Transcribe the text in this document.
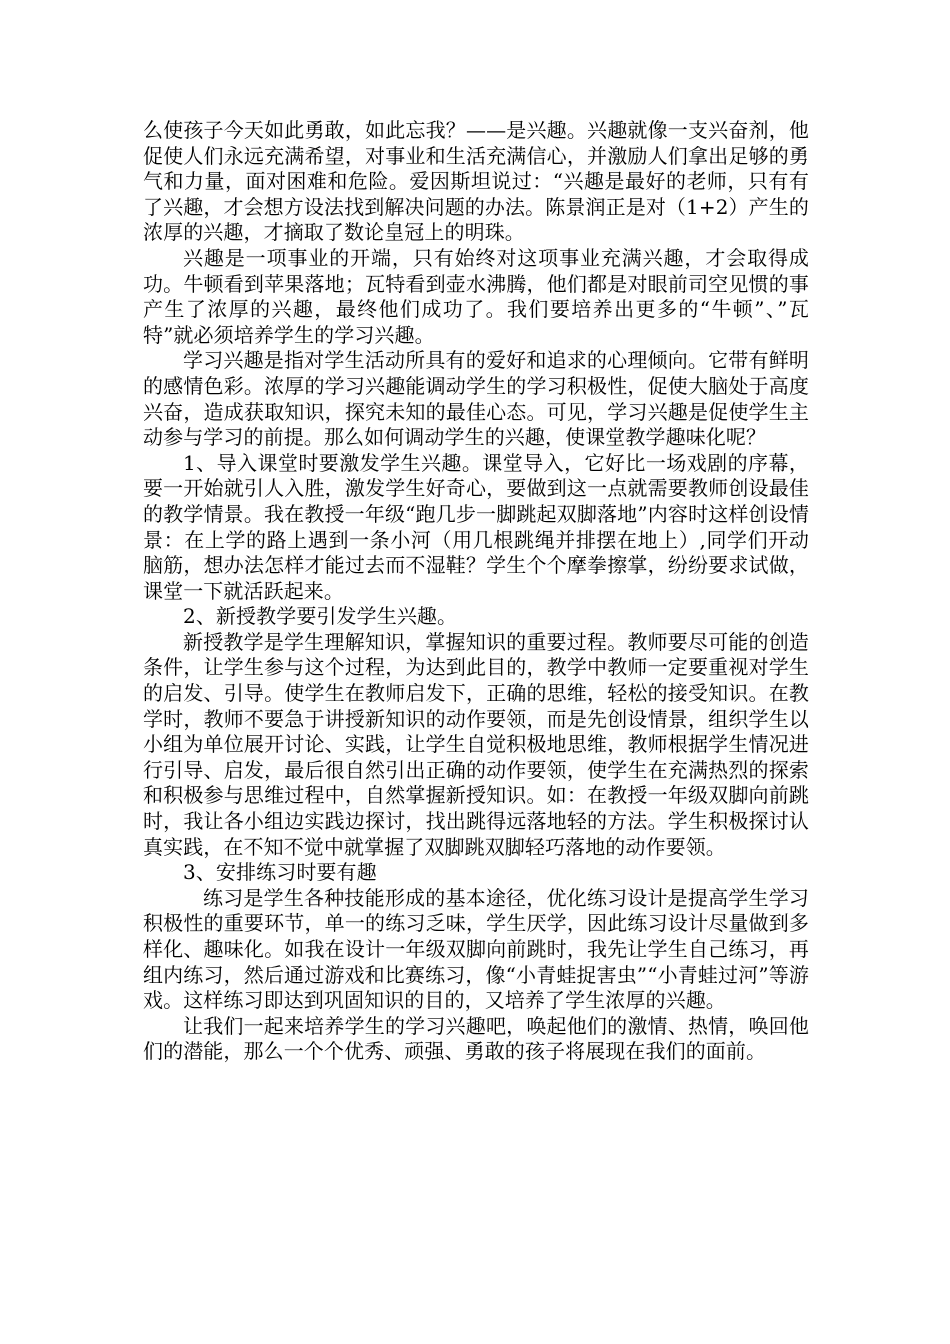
么使孩子今天如此勇敢，如此忘我？——是兴趣。兴趣就像一支兴奋剂，他促使人们永远充满希望，对事业和生活充满信心，并激励人们拿出足够的勇气和力量，面对困难和危险。爱因斯坦说过：“兴趣是最好的老师，只有有了兴趣，才会想方设法找到解决问题的办法。陈景润正是对（1+2）产生的浓厚的兴趣，才摘取了数论皇冠上的明珠。

兴趣是一项事业的开端，只有始终对这项事业充满兴趣，才会取得成功。牛顿看到苹果落地；瓦特看到壶水沸腾，他们都是对眼前司空见惯的事产生了浓厚的兴趣，最终他们成功了。我们要培养出更多的“牛顿”、”瓦特”就必须培养学生的学习兴趣。

学习兴趣是指对学生活动所具有的爱好和追求的心理倾向。它带有鲜明的感情色彩。浓厚的学习兴趣能调动学生的学习积极性，促使大脑处于高度兴奋，造成获取知识，探究未知的最佳心态。可见，学习兴趣是促使学生主动参与学习的前提。那么如何调动学生的兴趣，使课堂教学趣味化呢？

1、导入课堂时要激发学生兴趣。课堂导入，它好比一场戏剧的序幕，要一开始就引人入胜，激发学生好奇心，要做到这一点就需要教师创设最佳的教学情景。我在教授一年级“跑几步一脚跳起双脚落地”内容时这样创设情景：在上学的路上遇到一条小河（用几根跳绳并排摆在地上）,同学们开动脑筋，想办法怎样才能过去而不湿鞋？学生个个摩拳擦掌，纷纷要求试做，课堂一下就活跃起来。

2、新授教学要引发学生兴趣。

新授教学是学生理解知识，掌握知识的重要过程。教师要尽可能的创造条件，让学生参与这个过程，为达到此目的，教学中教师一定要重视对学生的启发、引导。使学生在教师启发下，正确的思维，轻松的接受知识。在教学时，教师不要急于讲授新知识的动作要领，而是先创设情景，组织学生以小组为单位展开讨论、实践，让学生自觉积极地思维，教师根据学生情况进行引导、启发，最后很自然引出正确的动作要领，使学生在充满热烈的探索和积极参与思维过程中，自然掌握新授知识。如：在教授一年级双脚向前跳时，我让各小组边实践边探讨，找出跳得远落地轻的方法。学生积极探讨认真实践，在不知不觉中就掌握了双脚跳双脚轻巧落地的动作要领。

3、安排练习时要有趣

练习是学生各种技能形成的基本途径，优化练习设计是提高学生学习积极性的重要环节，单一的练习乏味，学生厌学，因此练习设计尽量做到多样化、趣味化。如我在设计一年级双脚向前跳时，我先让学生自己练习，再组内练习，然后通过游戏和比赛练习，像“小青蛙捉害虫”“小青蛙过河”等游戏。这样练习即达到巩固知识的目的，又培养了学生浓厚的兴趣。

让我们一起来培养学生的学习兴趣吧，唤起他们的激情、热情，唤回他们的潜能，那么一个个优秀、顽强、勇敢的孩子将展现在我们的面前。
